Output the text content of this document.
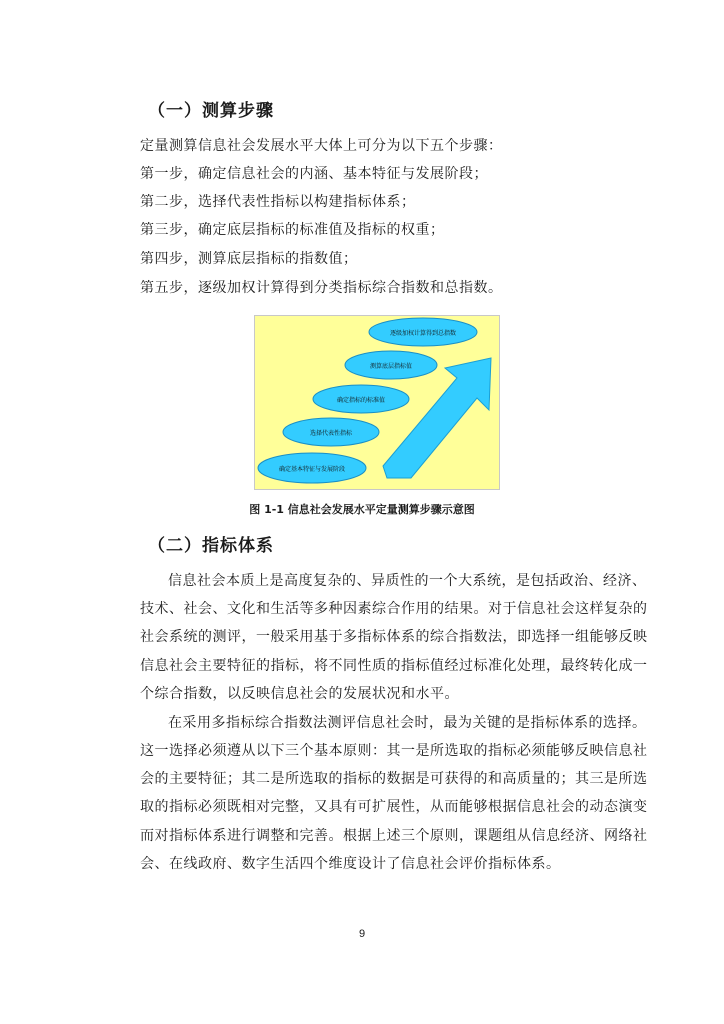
（一）测算步骤
定量测算信息社会发展水平大体上可分为以下五个步骤：
第一步，确定信息社会的内涵、基本特征与发展阶段；
第二步，选择代表性指标以构建指标体系；
第三步，确定底层指标的标准值及指标的权重；
第四步，测算底层指标的指数值；
第五步，逐级加权计算得到分类指标综合指数和总指数。
确定基本特征与发展阶段
选择代表性指标
确定指标的标准值
测算底层指标值
逐级加权计算得到总指数
图 1-1 信息社会发展水平定量测算步骤示意图
（二）指标体系
信息社会本质上是高度复杂的、异质性的一个大系统，是包括政治、经济、
技术、社会、文化和生活等多种因素综合作用的结果。对于信息社会这样复杂的
社会系统的测评，一般采用基于多指标体系的综合指数法，即选择一组能够反映
信息社会主要特征的指标，将不同性质的指标值经过标准化处理，最终转化成一
个综合指数，以反映信息社会的发展状况和水平。
在采用多指标综合指数法测评信息社会时，最为关键的是指标体系的选择。
这一选择必须遵从以下三个基本原则：其一是所选取的指标必须能够反映信息社
会的主要特征；其二是所选取的指标的数据是可获得的和高质量的；其三是所选
取的指标必须既相对完整，又具有可扩展性，从而能够根据信息社会的动态演变
而对指标体系进行调整和完善。根据上述三个原则，课题组从信息经济、网络社
会、在线政府、数字生活四个维度设计了信息社会评价指标体系。
9
